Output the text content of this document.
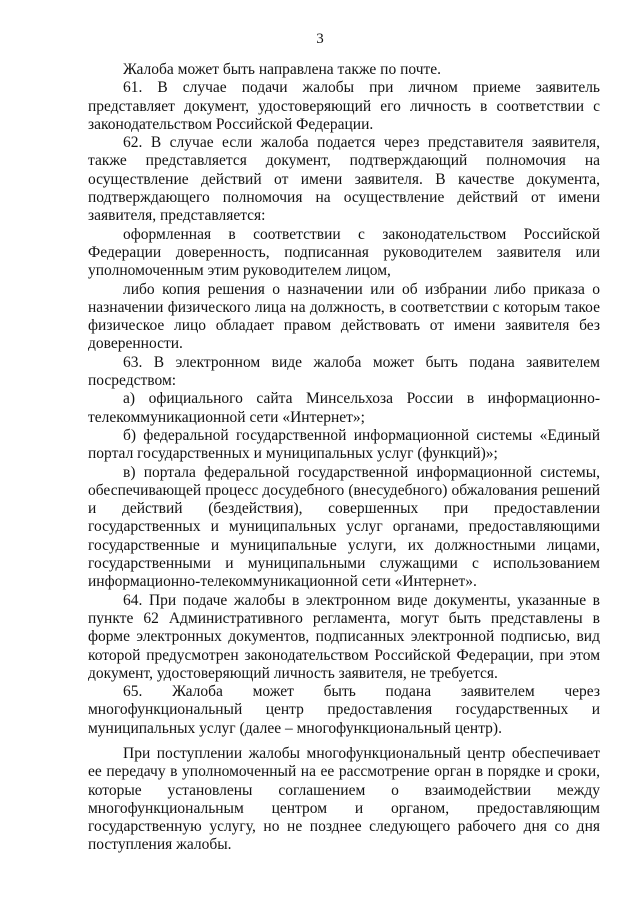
3

Жалоба может быть направлена также по почте.

61. В случае подачи жалобы при личном приеме заявитель представляет документ, удостоверяющий его личность в соответствии с законодательством Российской Федерации.

62. В случае если жалоба подается через представителя заявителя, также представляется документ, подтверждающий полномочия на осуществление действий от имени заявителя. В качестве документа, подтверждающего полномочия на осуществление действий от имени заявителя, представляется:

оформленная в соответствии с законодательством Российской Федерации доверенность, подписанная руководителем заявителя или уполномоченным этим руководителем лицом,

либо копия решения о назначении или об избрании либо приказа о назначении физического лица на должность, в соответствии с которым такое физическое лицо обладает правом действовать от имени заявителя без доверенности.

63. В электронном виде жалоба может быть подана заявителем посредством:

а) официального сайта Минсельхоза России в информационно-телекоммуникационной сети «Интернет»;

б) федеральной государственной информационной системы «Единый портал государственных и муниципальных услуг (функций)»;

в) портала федеральной государственной информационной системы, обеспечивающей процесс досудебного (внесудебного) обжалования решений и действий (бездействия), совершенных при предоставлении государственных и муниципальных услуг органами, предоставляющими государственные и муниципальные услуги, их должностными лицами, государственными и муниципальными служащими с использованием информационно-телекоммуникационной сети «Интернет».

64. При подаче жалобы в электронном виде документы, указанные в пункте 62 Административного регламента, могут быть представлены в форме электронных документов, подписанных электронной подписью, вид которой предусмотрен законодательством Российской Федерации, при этом документ, удостоверяющий личность заявителя, не требуется.

65. Жалоба может быть подана заявителем через многофункциональный центр предоставления государственных и муниципальных услуг (далее – многофункциональный центр).

При поступлении жалобы многофункциональный центр обеспечивает ее передачу в уполномоченный на ее рассмотрение орган в порядке и сроки, которые установлены соглашением о взаимодействии между многофункциональным центром и органом, предоставляющим государственную услугу, но не позднее следующего рабочего дня со дня поступления жалобы.
